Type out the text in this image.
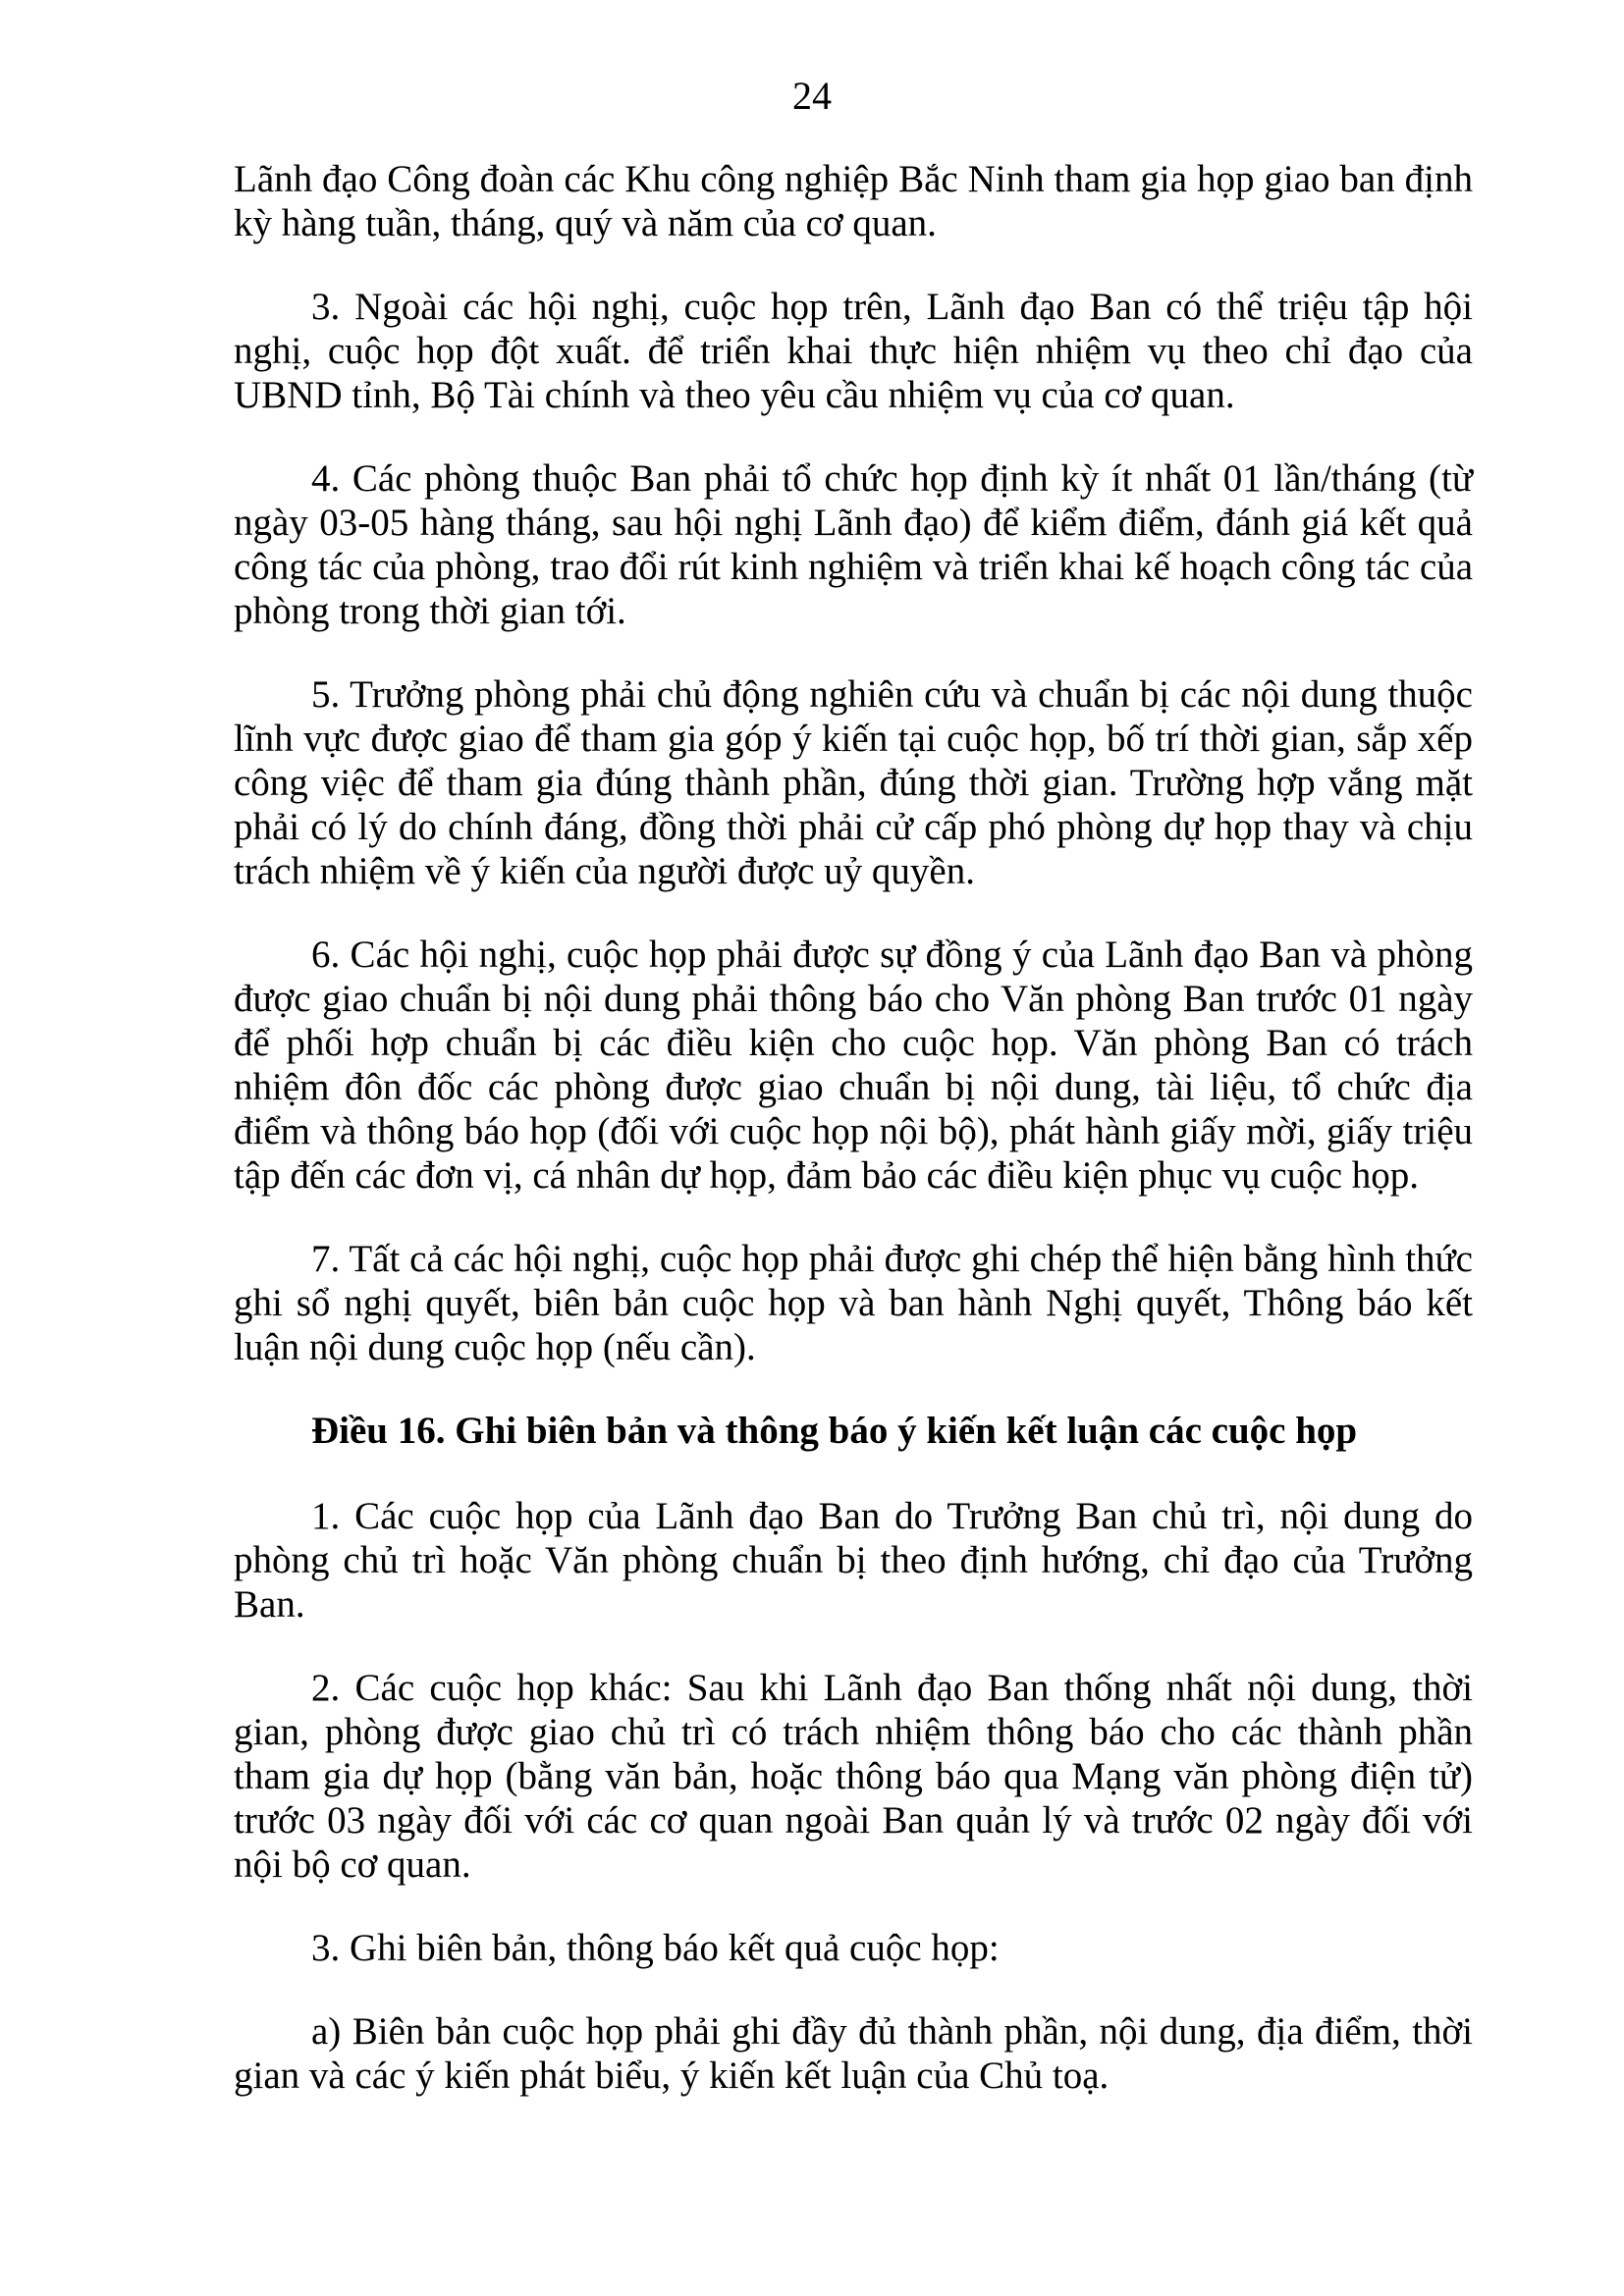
24

Lãnh đạo Công đoàn các Khu công nghiệp Bắc Ninh tham gia họp giao ban định kỳ hàng tuần, tháng, quý và năm của cơ quan.

3. Ngoài các hội nghị, cuộc họp trên, Lãnh đạo Ban có thể triệu tập hội nghị, cuộc họp đột xuất. để triển khai thực hiện nhiệm vụ theo chỉ đạo của UBND tỉnh, Bộ Tài chính và theo yêu cầu nhiệm vụ của cơ quan.

4. Các phòng thuộc Ban phải tổ chức họp định kỳ ít nhất 01 lần/tháng (từ ngày 03-05 hàng tháng, sau hội nghị Lãnh đạo) để kiểm điểm, đánh giá kết quả công tác của phòng, trao đổi rút kinh nghiệm và triển khai kế hoạch công tác của phòng trong thời gian tới.

5. Trưởng phòng phải chủ động nghiên cứu và chuẩn bị các nội dung thuộc lĩnh vực được giao để tham gia góp ý kiến tại cuộc họp, bố trí thời gian, sắp xếp công việc để tham gia đúng thành phần, đúng thời gian. Trường hợp vắng mặt phải có lý do chính đáng, đồng thời phải cử cấp phó phòng dự họp thay và chịu trách nhiệm về ý kiến của người được uỷ quyền.

6. Các hội nghị, cuộc họp phải được sự đồng ý của Lãnh đạo Ban và phòng được giao chuẩn bị nội dung phải thông báo cho Văn phòng Ban trước 01 ngày để phối hợp chuẩn bị các điều kiện cho cuộc họp. Văn phòng Ban có trách nhiệm đôn đốc các phòng được giao chuẩn bị nội dung, tài liệu, tổ chức địa điểm và thông báo họp (đối với cuộc họp nội bộ), phát hành giấy mời, giấy triệu tập đến các đơn vị, cá nhân dự họp, đảm bảo các điều kiện phục vụ cuộc họp.

7. Tất cả các hội nghị, cuộc họp phải được ghi chép thể hiện bằng hình thức ghi sổ nghị quyết, biên bản cuộc họp và ban hành Nghị quyết, Thông báo kết luận nội dung cuộc họp (nếu cần).

Điều 16. Ghi biên bản và thông báo ý kiến kết luận các cuộc họp

1. Các cuộc họp của Lãnh đạo Ban do Trưởng Ban chủ trì, nội dung do phòng chủ trì hoặc Văn phòng chuẩn bị theo định hướng, chỉ đạo của Trưởng Ban.

2. Các cuộc họp khác: Sau khi Lãnh đạo Ban thống nhất nội dung, thời gian, phòng được giao chủ trì có trách nhiệm thông báo cho các thành phần tham gia dự họp (bằng văn bản, hoặc thông báo qua Mạng văn phòng điện tử) trước 03 ngày đối với các cơ quan ngoài Ban quản lý và trước 02 ngày đối với nội bộ cơ quan.

3. Ghi biên bản, thông báo kết quả cuộc họp:

a) Biên bản cuộc họp phải ghi đầy đủ thành phần, nội dung, địa điểm, thời gian và các ý kiến phát biểu, ý kiến kết luận của Chủ toạ.
